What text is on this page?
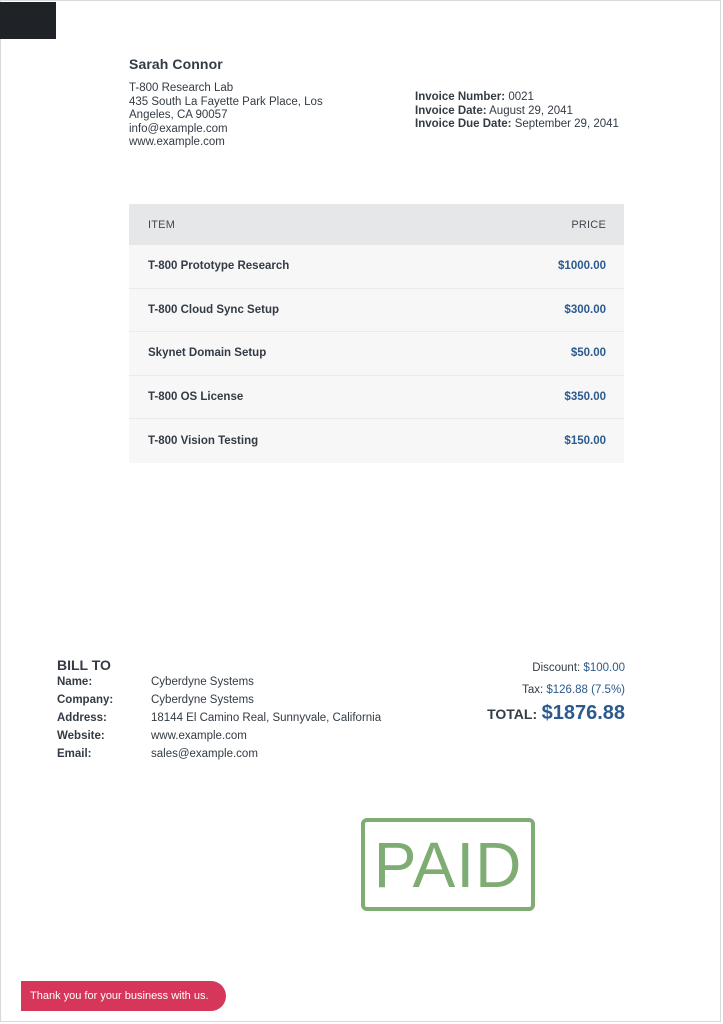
Sarah Connor
T-800 Research Lab
435 South La Fayette Park Place, Los
Angeles, CA 90057
info@example.com
www.example.com
Invoice Number: 0021
Invoice Date: August 29, 2041
Invoice Due Date: September 29, 2041
ITEM	PRICE
T-800 Prototype Research	$1000.00
T-800 Cloud Sync Setup	$300.00
Skynet Domain Setup	$50.00
T-800 OS License	$350.00
T-800 Vision Testing	$150.00
BILL TO
Name:	Cyberdyne Systems
Company:	Cyberdyne Systems
Address:	18144 El Camino Real, Sunnyvale, California
Website:	www.example.com
Email:	sales@example.com
Discount: $100.00
Tax: $126.88 (7.5%)
TOTAL: $1876.88
PAID
Thank you for your business with us.
